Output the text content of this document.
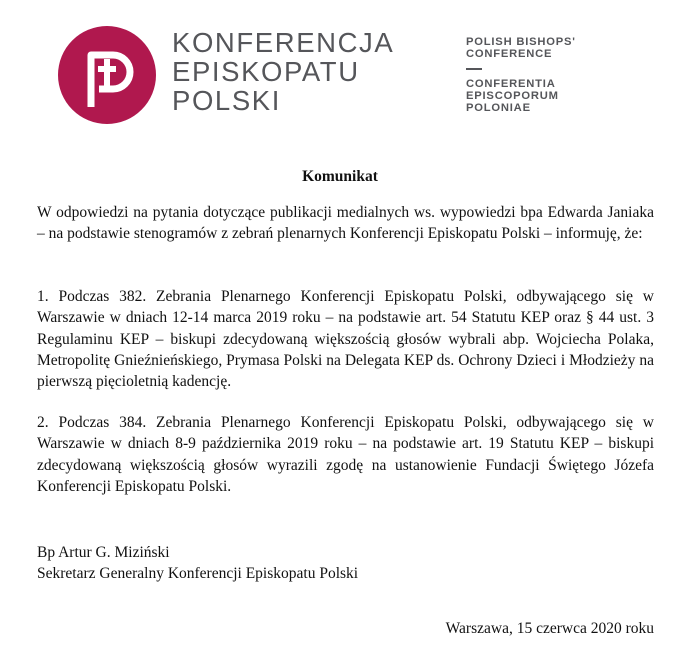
KONFERENCJA
EPISKOPATU
POLSKI
POLISH BISHOPS'
CONFERENCE
CONFERENTIA
EPISCOPORUM
POLONIAE
Komunikat

W odpowiedzi na pytania dotyczące publikacji medialnych ws. wypowiedzi bpa Edwarda Janiaka – na podstawie stenogramów z zebrań plenarnych Konferencji Episkopatu Polski – informuję, że:

1. Podczas 382. Zebrania Plenarnego Konferencji Episkopatu Polski, odbywającego się w Warszawie w dniach 12-14 marca 2019 roku – na podstawie art. 54 Statutu KEP oraz § 44 ust. 3 Regulaminu KEP – biskupi zdecydowaną większością głosów wybrali abp. Wojciecha Polaka, Metropolitę Gnieźnieńskiego, Prymasa Polski na Delegata KEP ds. Ochrony Dzieci i Młodzieży na pierwszą pięcioletnią kadencję.

2. Podczas 384. Zebrania Plenarnego Konferencji Episkopatu Polski, odbywającego się w Warszawie w dniach 8-9 października 2019 roku – na podstawie art. 19 Statutu KEP – biskupi zdecydowaną większością głosów wyrazili zgodę na ustanowienie Fundacji Świętego Józefa Konferencji Episkopatu Polski.

Bp Artur G. Miziński
Sekretarz Generalny Konferencji Episkopatu Polski
Warszawa, 15 czerwca 2020 roku
